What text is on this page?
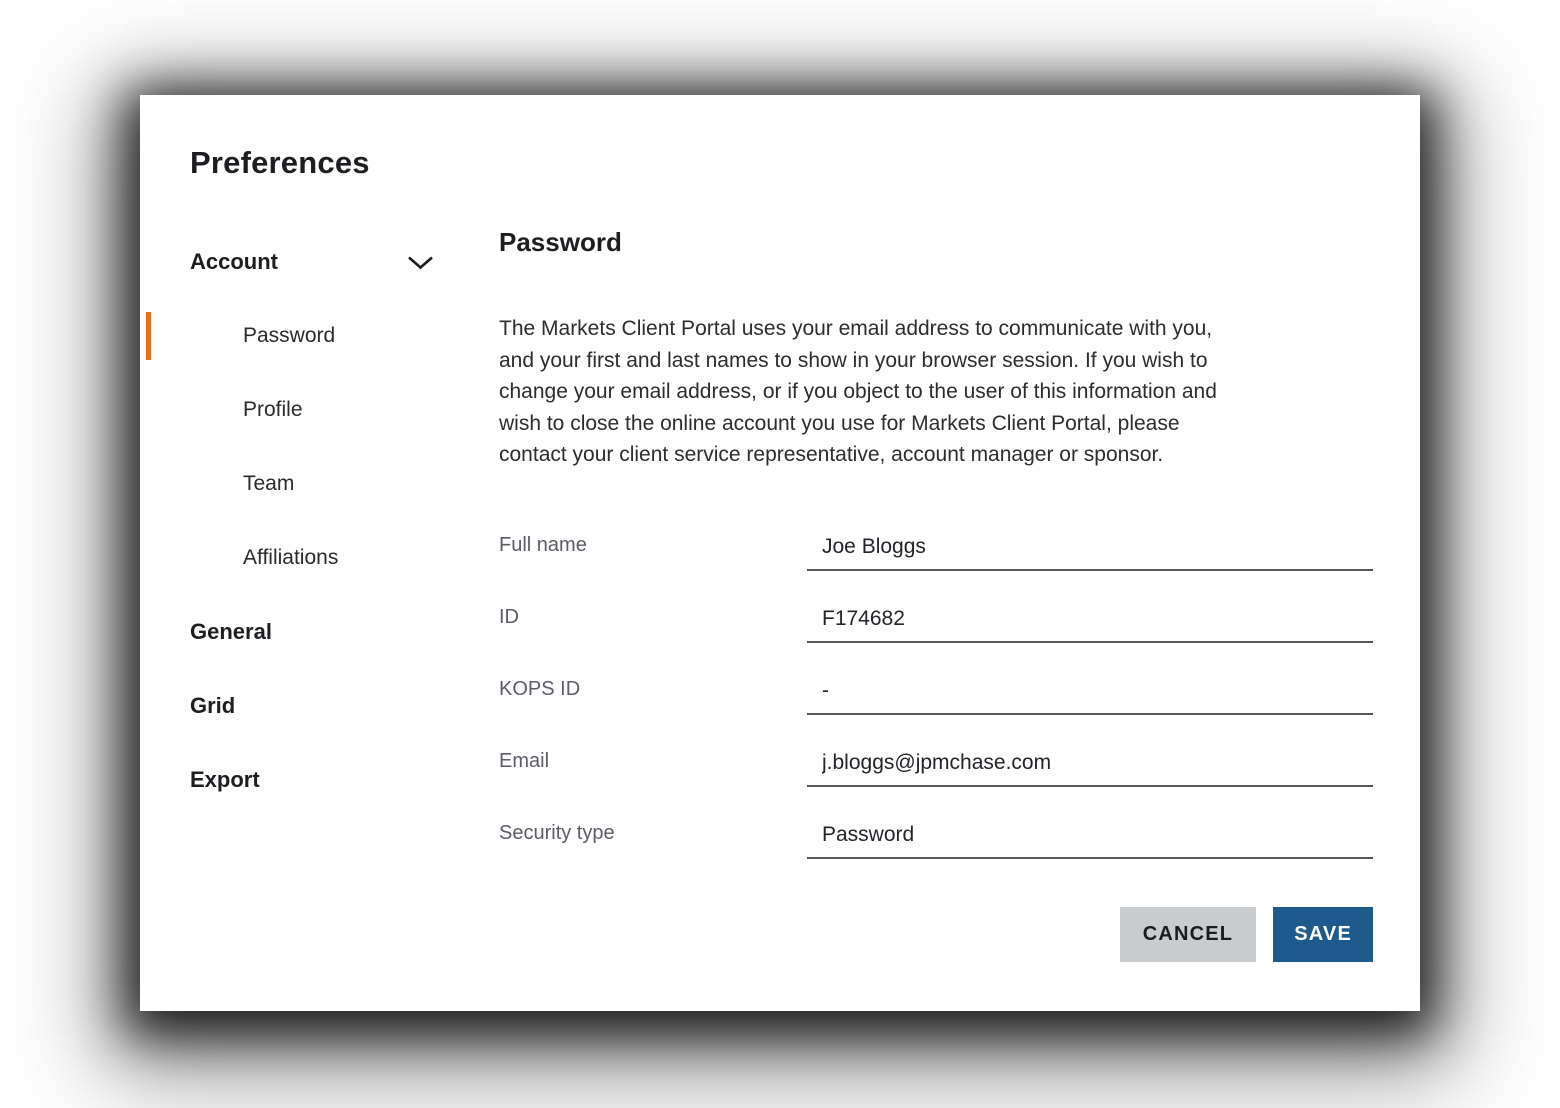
Preferences
Account
Password
Profile
Team
Affiliations
General
Grid
Export
Password
The Markets Client Portal uses your email address to communicate with you,
and your first and last names to show in your browser session. If you wish to
change your email address, or if you object to the user of this information and
wish to close the online account you use for Markets Client Portal, please
contact your client service representative, account manager or sponsor.
Full name
Joe Bloggs
ID
F174682
KOPS ID
-
Email
j.bloggs@jpmchase.com
Security type
Password
CANCEL	SAVE
